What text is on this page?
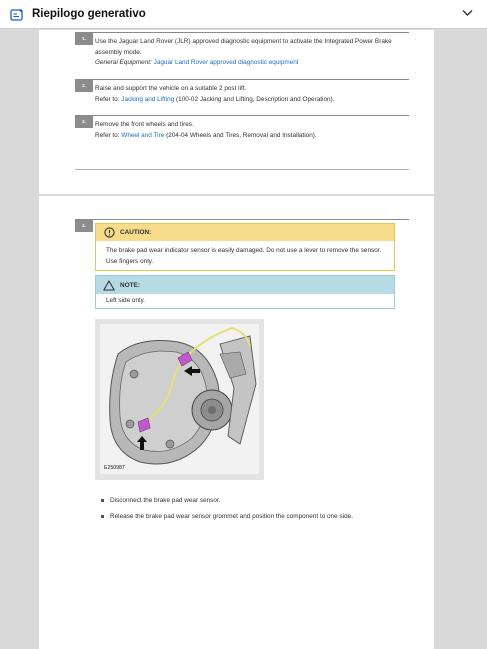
Riepilogo generativo
1.	Use the Jaguar Land Rover (JLR) approved diagnostic equipment to activate the Integrated Power Brake assembly mode.
General Equipment: Jaguar Land Rover approved diagnostic equipment
2.	Raise and support the vehicle on a suitable 2 post lift.
Refer to: Jacking and Lifting (100-02 Jacking and Lifting, Description and Operation).
3.	Remove the front wheels and tires.
Refer to: Wheel and Tire (204-04 Wheels and Tires, Removal and Installation).
4.
CAUTION:
The brake pad wear indicator sensor is easily damaged. Do not use a lever to remove the sensor. Use fingers only.
NOTE:
Left side only.
E250987
Disconnect the brake pad wear sensor.
Release the brake pad wear sensor grommet and position the component to one side.
